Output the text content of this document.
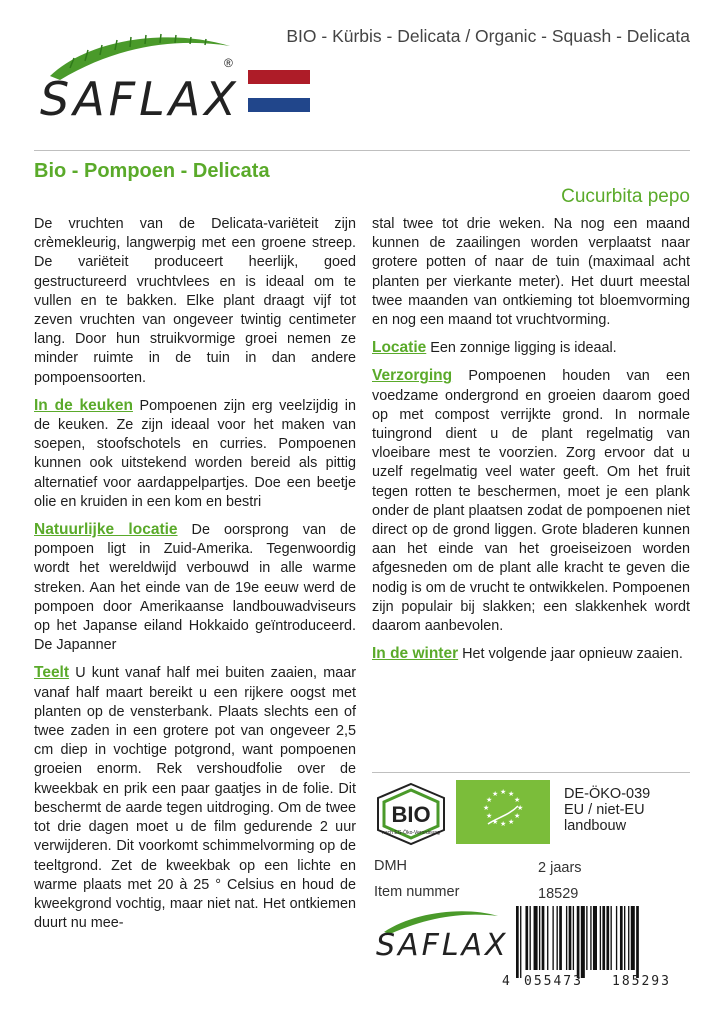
SAFLAX
®
BIO - Kürbis - Delicata / Organic - Squash - Delicata
Bio - Pompoen - Delicata
Cucurbita pepo

De vruchten van de Delicata-variëteit zijn crèmekleurig, langwerpig met een groene streep. De variëteit produceert heerlijk, goed gestructureerd vruchtvlees en is ideaal om te vullen en te bakken. Elke plant draagt vijf tot zeven vruchten van ongeveer twintig centimeter lang. Door hun struikvormige groei nemen ze minder ruimte in de tuin in dan andere pompoensoorten.

In de keuken Pompoenen zijn erg veelzijdig in de keuken. Ze zijn ideaal voor het maken van soepen, stoofschotels en curries. Pompoenen kunnen ook uitstekend worden bereid als pittig alternatief voor aardappelpartjes. Doe een beetje olie en kruiden in een kom en bestri

Natuurlijke locatie De oorsprong van de pompoen ligt in Zuid-Amerika. Tegenwoordig wordt het wereldwijd verbouwd in alle warme streken. Aan het einde van de 19e eeuw werd de pompoen door Amerikaanse landbouwadviseurs op het Japanse eiland Hokkaido geïntroduceerd. De Japanner

Teelt U kunt vanaf half mei buiten zaaien, maar vanaf half maart bereikt u een rijkere oogst met planten op de vensterbank. Plaats slechts een of twee zaden in een grotere pot van ongeveer 2,5 cm diep in vochtige potgrond, want pompoenen groeien enorm. Rek vershoudfolie over de kweekbak en prik een paar gaatjes in de folie. Dit beschermt de aarde tegen uitdroging. Om de twee tot drie dagen moet u de film gedurende 2 uur verwijderen. Dit voorkomt schimmelvorming op de teeltgrond. Zet de kweekbak op een lichte en warme plaats met 20 à 25 ° Celsius en houd de kweekgrond vochtig, maar niet nat. Het ontkiemen duurt nu mee-

stal twee tot drie weken. Na nog een maand kunnen de zaailingen worden verplaatst naar grotere potten of naar de tuin (maximaal acht planten per vierkante meter). Het duurt meestal twee maanden van ontkieming tot bloemvorming en nog een maand tot vruchtvorming.

Locatie Een zonnige ligging is ideaal.

Verzorging Pompoenen houden van een voedzame ondergrond en groeien daarom goed op met compost verrijkte grond. In normale tuingrond dient u de plant regelmatig van vloeibare mest te voorzien. Zorg ervoor dat u uzelf regelmatig veel water geeft. Om het fruit tegen rotten te beschermen, moet je een plank onder de plant plaatsen zodat de pompoenen niet direct op de grond liggen. Grote bladeren kunnen aan het einde van het groeiseizoen worden afgesneden om de plant alle kracht te geven die nodig is om de vrucht te ontwikkelen. Pompoenen zijn populair bij slakken; een slakkenhek wordt daarom aanbevolen.

In de winter Het volgende jaar opnieuw zaaien.

BIO
nach EG-Öko-Verordnung
★ ★
★
★
★
★
★
★
★
★
★
★	DE-ÖKO-039
EU / niet-EU
landbouw
DMH	2 jaars
Item nummer	18529
SAFLAX
4 055473 185293
